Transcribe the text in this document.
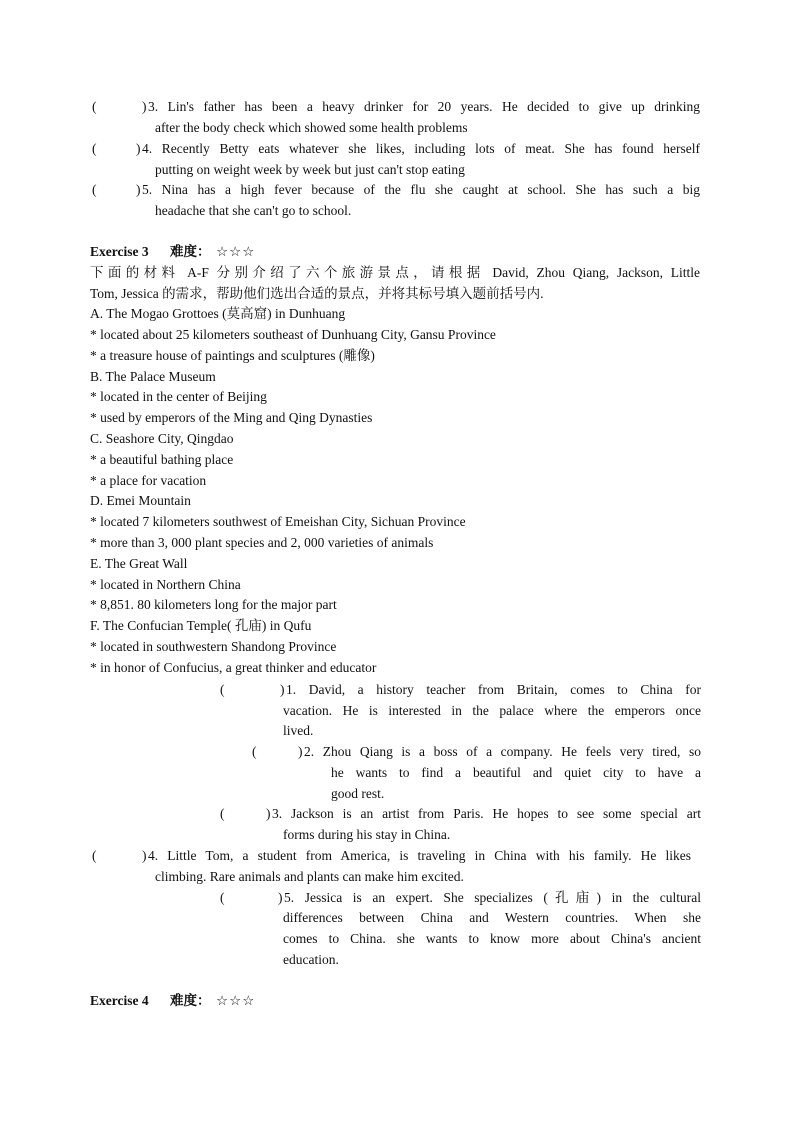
(	) 3. Lin's father has been a heavy drinker for 20 years. He decided to give up drinking
after the body check which showed some health problems
(	) 4. Recently Betty eats whatever she likes, including lots of meat. She has found herself
putting on weight week by week but just can't stop eating
(	) 5. Nina has a high fever because of the flu she caught at school. She has such a big
headache that she can't go to school.
Exercise 3 难度： ☆☆☆
下面的材料 A-F 分别介绍了六个旅游景点，请根据 David, Zhou Qiang, Jackson, Little
Tom, Jessica 的需求，帮助他们选出合适的景点，并将其标号填入题前括号内.
A. The Mogao Grottoes (莫高窟) in Dunhuang
* located about 25 kilometers southeast of Dunhuang City, Gansu Province
* a treasure house of paintings and sculptures (雕像)
B. The Palace Museum
* located in the center of Beijing
* used by emperors of the Ming and Qing Dynasties
C. Seashore City, Qingdao
* a beautiful bathing place
* a place for vacation
D. Emei Mountain
* located 7 kilometers southwest of Emeishan City, Sichuan Province
* more than 3, 000 plant species and 2, 000 varieties of animals
E. The Great Wall
* located in Northern China
* 8,851. 80 kilometers long for the major part
F. The Confucian Temple( 孔庙) in Qufu
* located in southwestern Shandong Province
* in honor of Confucius, a great thinker and educator
(	) 1. David, a history teacher from Britain, comes to China for
vacation. He is interested in the palace where the emperors once
lived.
(	) 2. Zhou Qiang is a boss of a company. He feels very tired, so
he wants to find a beautiful and quiet city to have a
good rest.
(	) 3. Jackson is an artist from Paris. He hopes to see some special art
forms during his stay in China.
(	) 4. Little Tom, a student from America, is traveling in China with his family. He likes
climbing. Rare animals and plants can make him excited.
(	) 5. Jessica is an expert. She specializes (孔庙) in the cultural
differences between China and Western countries. When she
comes to China. she wants to know more about China's ancient
education.
Exercise 4 难度： ☆☆☆
